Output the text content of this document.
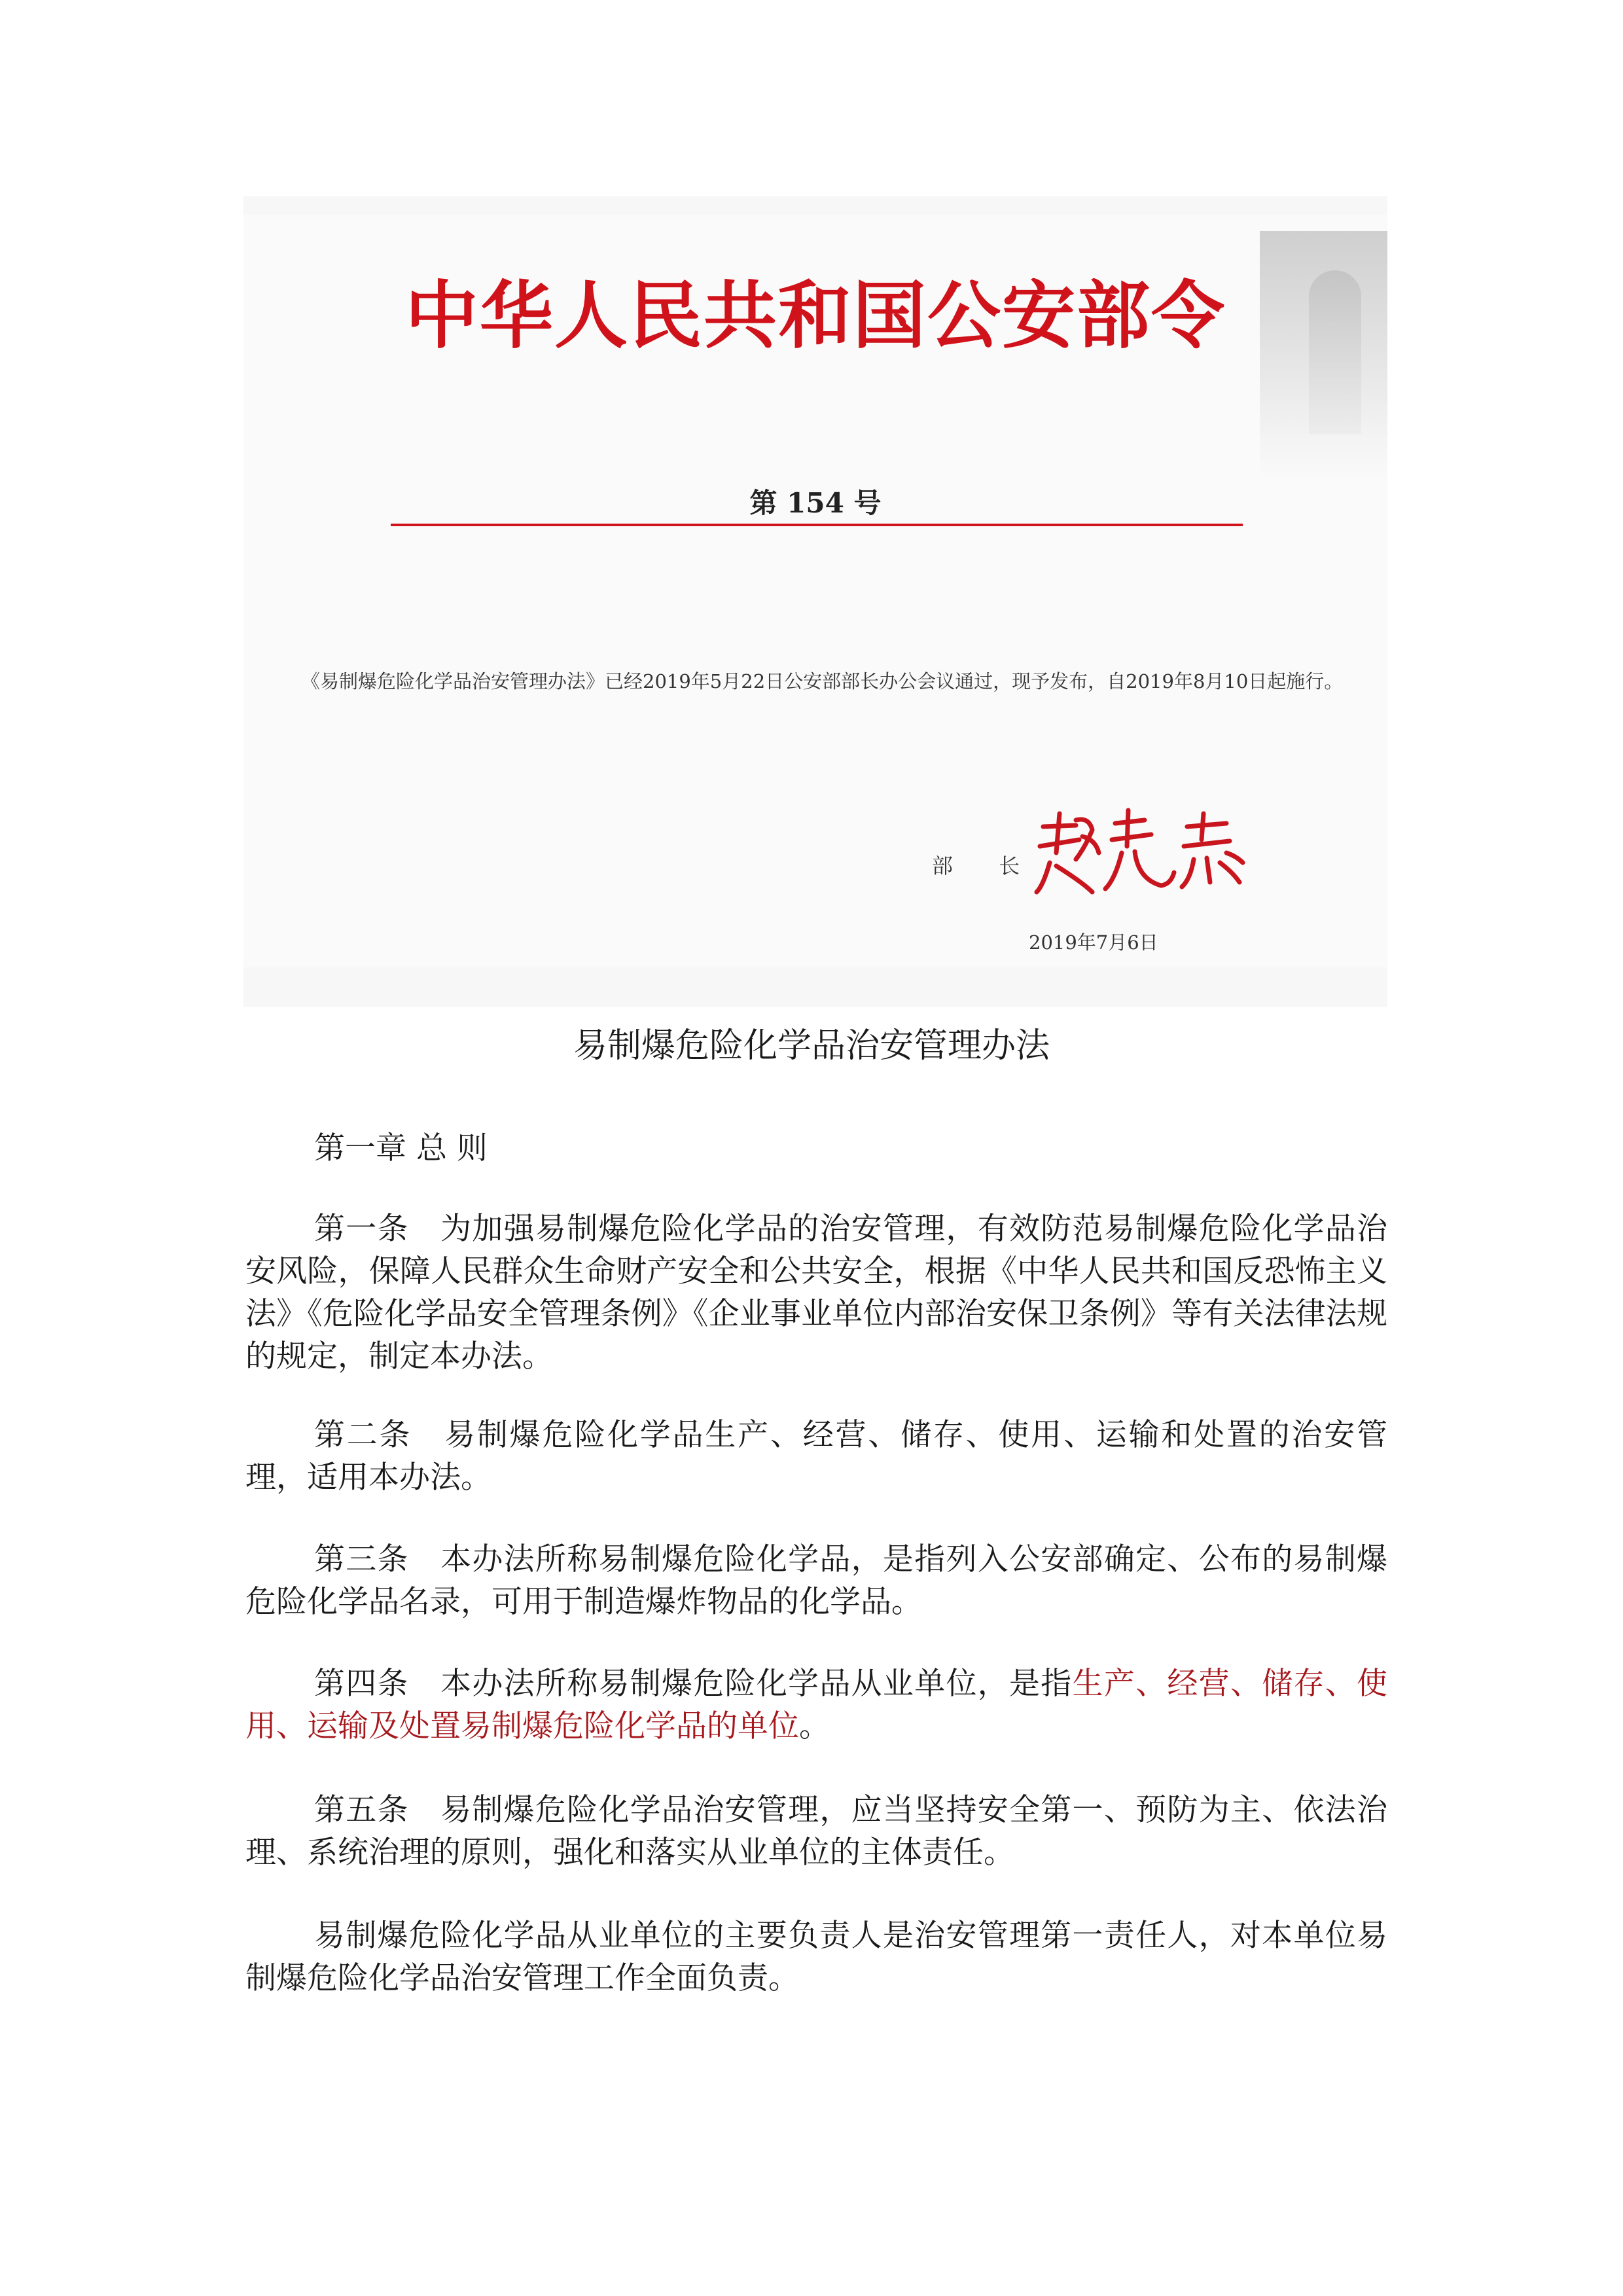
中华人民共和国公安部令
第 154 号
《易制爆危险化学品治安管理办法》已经2019年5月22日公安部部长办公会议通过，现予发布，自2019年8月10日起施行。
部 长
2019年7月6日
易制爆危险化学品治安管理办法

第一章 总 则

第一条  为加强易制爆危险化学品的治安管理，有效防范易制爆危险化学品治安风险，保障人民群众生命财产安全和公共安全，根据《中华人民共和国反恐怖主义法》《危险化学品安全管理条例》《企业事业单位内部治安保卫条例》等有关法律法规的规定，制定本办法。

第二条  易制爆危险化学品生产、经营、储存、使用、运输和处置的治安管理，适用本办法。

第三条  本办法所称易制爆危险化学品，是指列入公安部确定、公布的易制爆危险化学品名录，可用于制造爆炸物品的化学品。

第四条  本办法所称易制爆危险化学品从业单位，是指生产、经营、储存、使用、运输及处置易制爆危险化学品的单位。

第五条  易制爆危险化学品治安管理，应当坚持安全第一、预防为主、依法治理、系统治理的原则，强化和落实从业单位的主体责任。

易制爆危险化学品从业单位的主要负责人是治安管理第一责任人，对本单位易制爆危险化学品治安管理工作全面负责。
